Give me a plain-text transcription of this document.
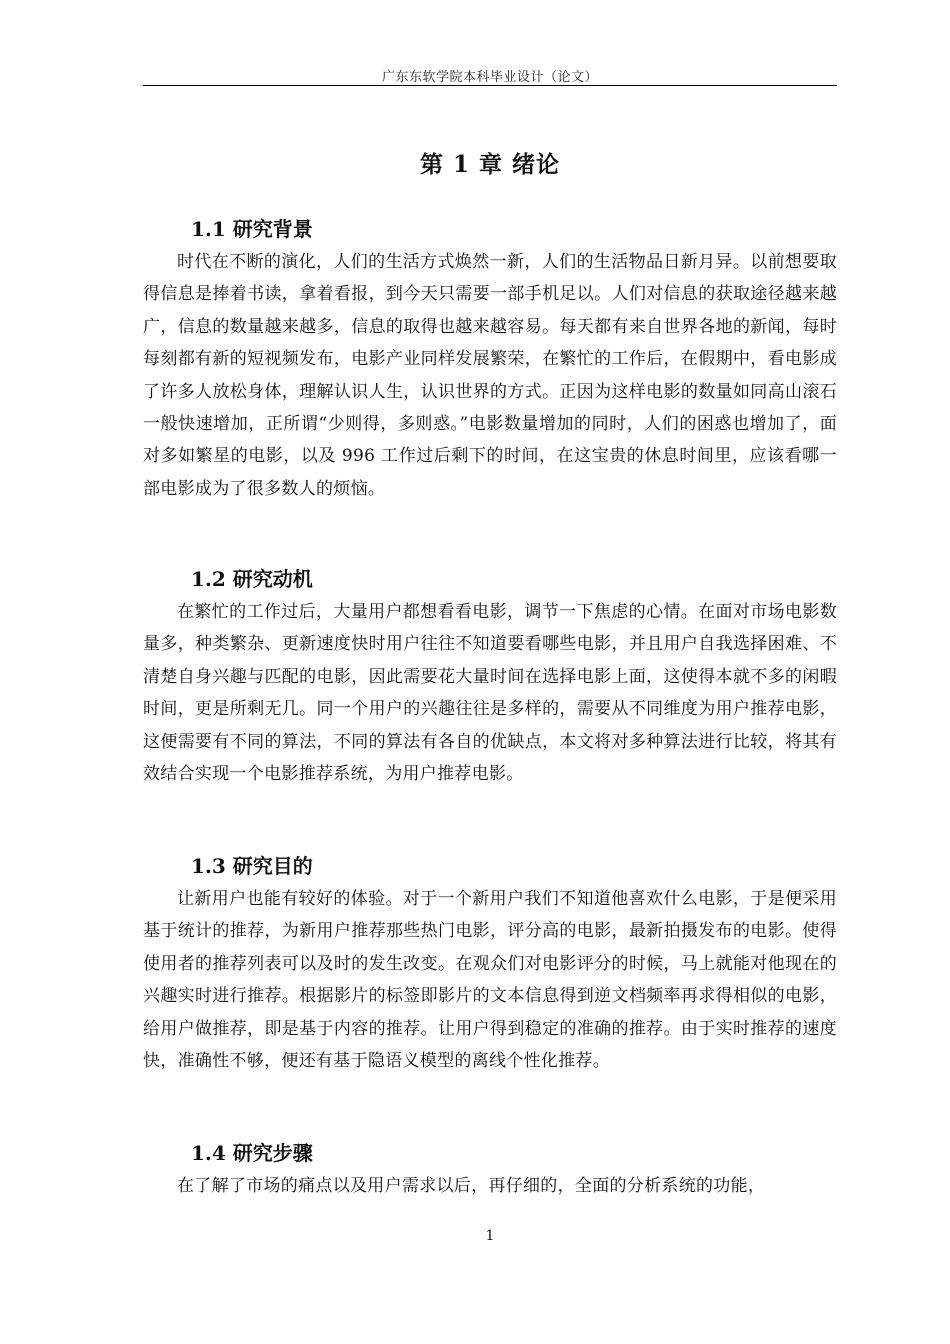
广东东软学院本科毕业设计（论文）
第 1 章 绪论
1.1 研究背景

时代在不断的演化，人们的生活方式焕然一新，人们的生活物品日新月异。以前想要取得信息是捧着书读，拿着看报，到今天只需要一部手机足以。人们对信息的获取途径越来越广，信息的数量越来越多，信息的取得也越来越容易。每天都有来自世界各地的新闻，每时每刻都有新的短视频发布，电影产业同样发展繁荣，在繁忙的工作后，在假期中，看电影成了许多人放松身体，理解认识人生，认识世界的方式。正因为这样电影的数量如同高山滚石一般快速增加，正所谓“少则得，多则惑。”电影数量增加的同时，人们的困惑也增加了，面对多如繁星的电影，以及 996 工作过后剩下的时间，在这宝贵的休息时间里，应该看哪一部电影成为了很多数人的烦恼。

1.2 研究动机

在繁忙的工作过后，大量用户都想看看电影，调节一下焦虑的心情。在面对市场电影数量多，种类繁杂、更新速度快时用户往往不知道要看哪些电影，并且用户自我选择困难、不清楚自身兴趣与匹配的电影，因此需要花大量时间在选择电影上面，这使得本就不多的闲暇时间，更是所剩无几。同一个用户的兴趣往往是多样的，需要从不同维度为用户推荐电影，这便需要有不同的算法，不同的算法有各自的优缺点，本文将对多种算法进行比较，将其有效结合实现一个电影推荐系统，为用户推荐电影。

1.3 研究目的

让新用户也能有较好的体验。对于一个新用户我们不知道他喜欢什么电影，于是便采用基于统计的推荐，为新用户推荐那些热门电影，评分高的电影，最新拍摄发布的电影。使得使用者的推荐列表可以及时的发生改变。在观众们对电影评分的时候，马上就能对他现在的兴趣实时进行推荐。根据影片的标签即影片的文本信息得到逆文档频率再求得相似的电影，给用户做推荐，即是基于内容的推荐。让用户得到稳定的准确的推荐。由于实时推荐的速度快，准确性不够，便还有基于隐语义模型的离线个性化推荐。

1.4 研究步骤

在了解了市场的痛点以及用户需求以后，再仔细的，全面的分析系统的功能，

1
